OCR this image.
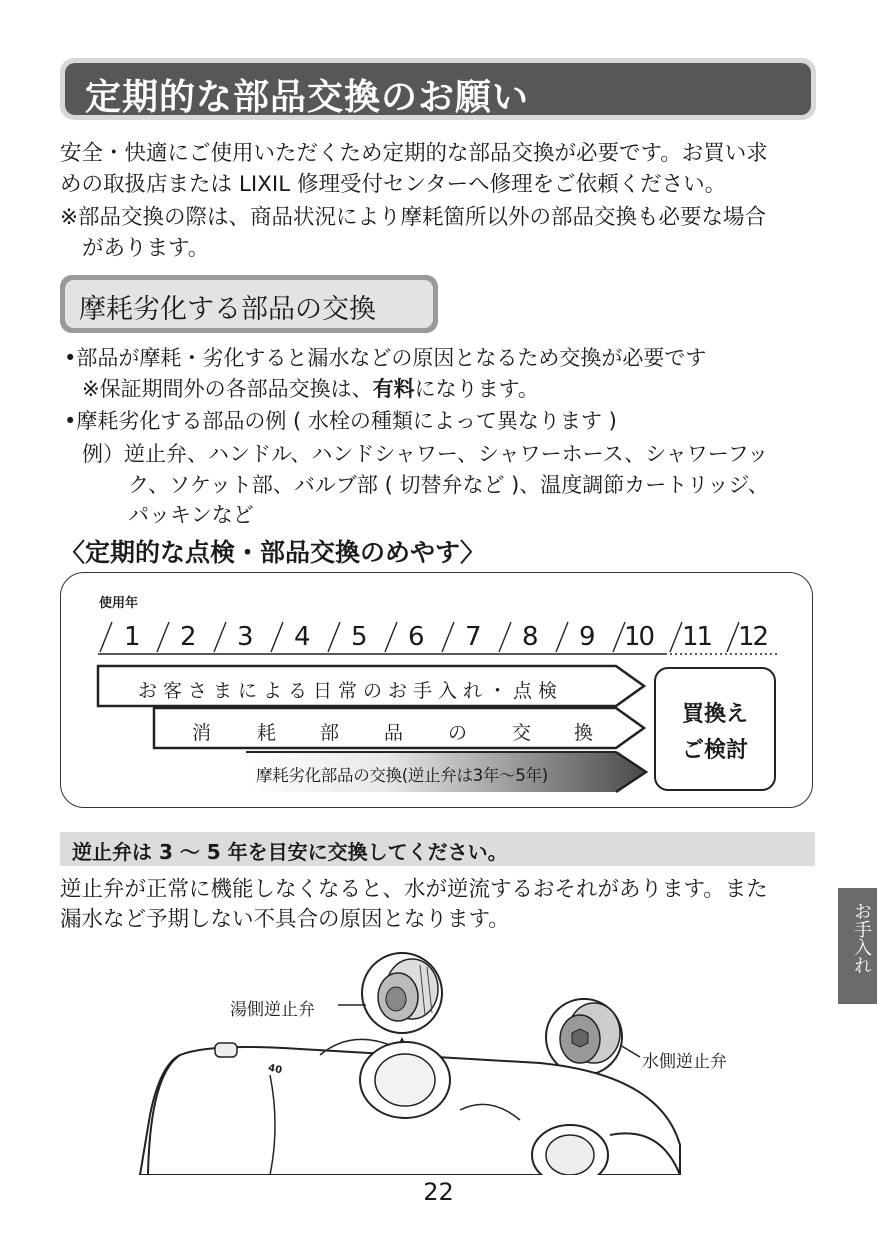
定期的な部品交換のお願い
安全・快適にご使用いただくため定期的な部品交換が必要です。お買い求
めの取扱店または LIXIL 修理受付センターへ修理をご依頼ください。
※部品交換の際は、商品状況により摩耗箇所以外の部品交換も必要な場合
があります。
摩耗劣化する部品の交換
•部品が摩耗・劣化すると漏水などの原因となるため交換が必要です
※保証期間外の各部品交換は、有料になります。
•摩耗劣化する部品の例 ( 水栓の種類によって異なります )
例）逆止弁、ハンドル、ハンドシャワー、シャワーホース、シャワーフッ
ク、ソケット部、バルブ部 ( 切替弁など )、温度調節カートリッジ、
パッキンなど
〈定期的な点検・部品交換のめやす〉
使用年
1 2 3 4 5 6 7 8 9 10 11 12
お客さまによる日常のお手入れ・点検
消 耗 部 品 の 交 換
摩耗劣化部品の交換(逆止弁は3年〜5年)
買換え
ご検討
逆止弁は 3 〜 5 年を目安に交換してください。
逆止弁が正常に機能しなくなると、水が逆流するおそれがあります。また
漏水など予期しない不具合の原因となります。	お手入れ
湯側逆止弁
水側逆止弁
40
22
